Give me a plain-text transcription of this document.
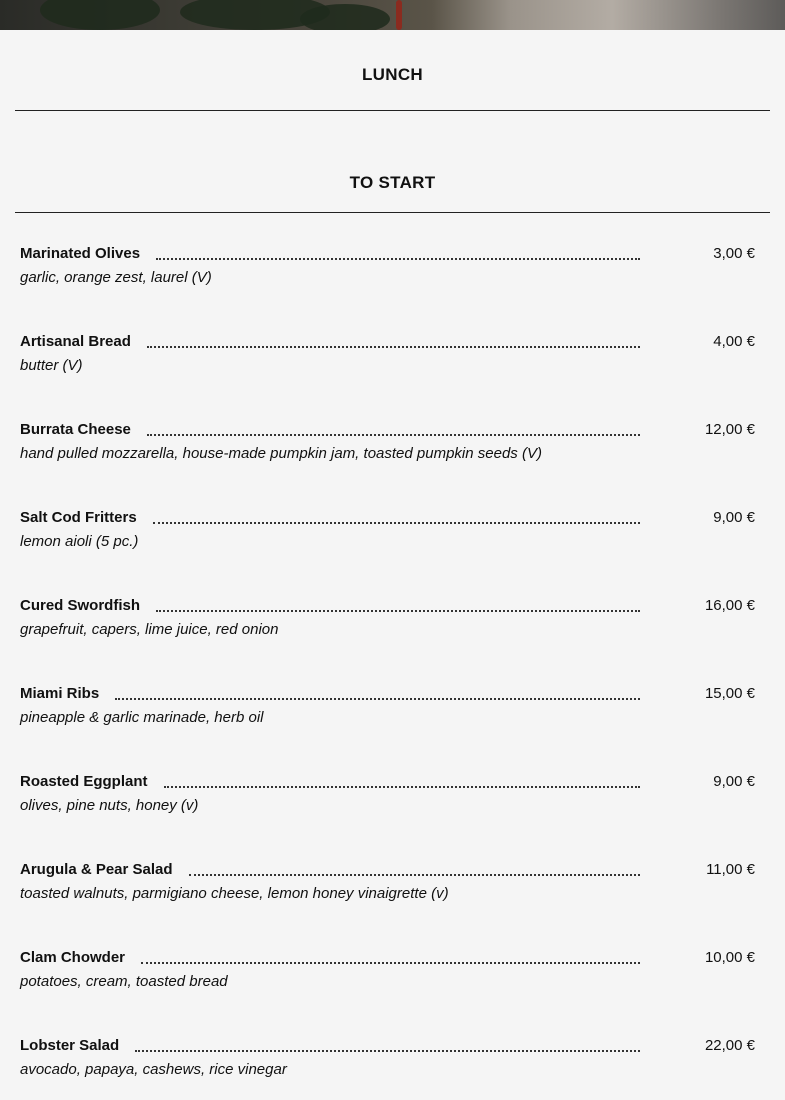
LUNCH
TO START
Marinated Olives	3,00 €
garlic, orange zest, laurel (V)
Artisanal Bread	4,00 €
butter (V)
Burrata Cheese	12,00 €
hand pulled mozzarella, house-made pumpkin jam, toasted pumpkin seeds (V)
Salt Cod Fritters	9,00 €
lemon aioli (5 pc.)
Cured Swordfish	16,00 €
grapefruit, capers, lime juice, red onion
Miami Ribs	15,00 €
pineapple & garlic marinade, herb oil
Roasted Eggplant	9,00 €
olives, pine nuts, honey (v)
Arugula & Pear Salad	11,00 €
toasted walnuts, parmigiano cheese, lemon honey vinaigrette (v)
Clam Chowder	10,00 €
potatoes, cream, toasted bread
Lobster Salad	22,00 €
avocado, papaya, cashews, rice vinegar
